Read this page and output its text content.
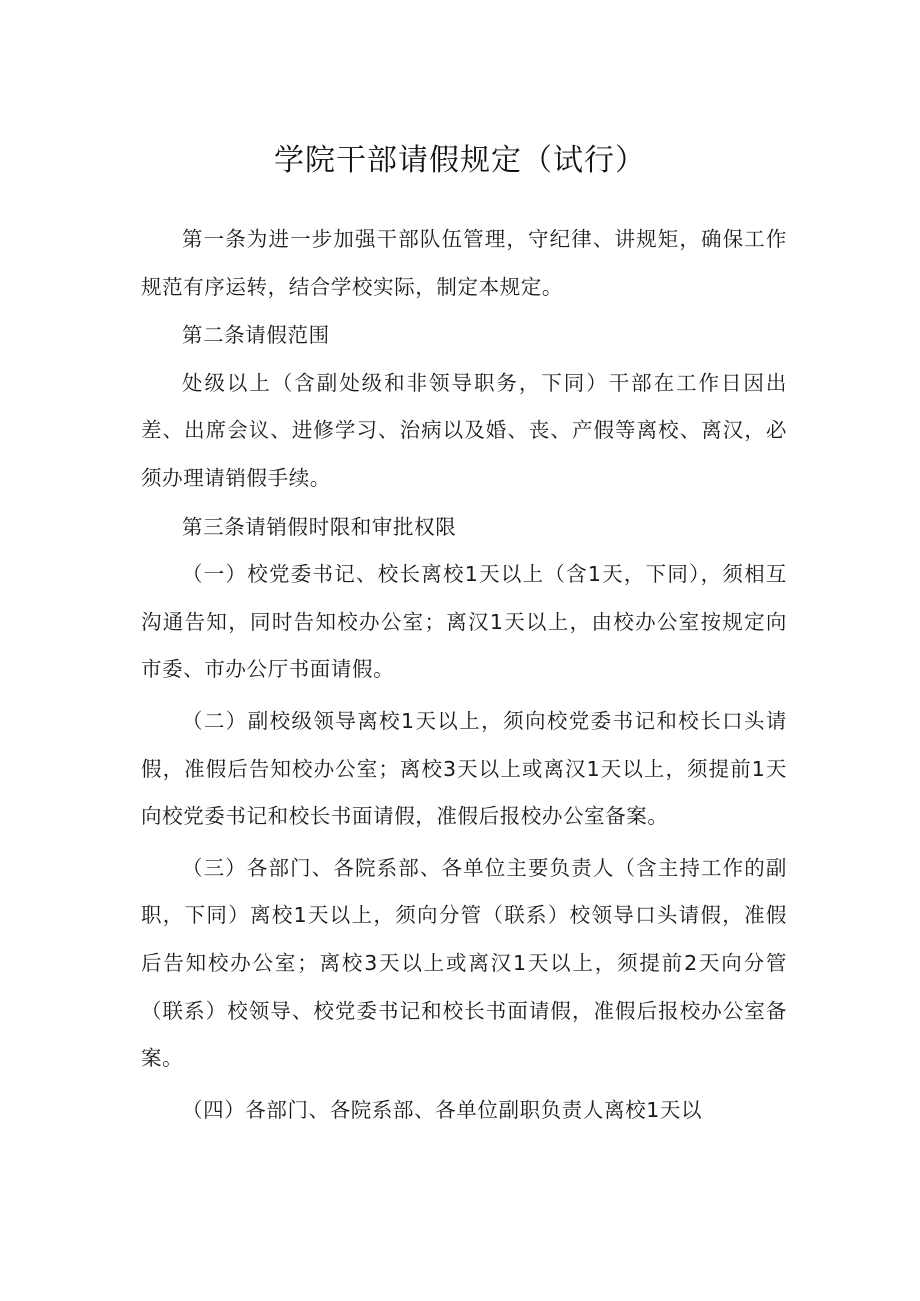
学院干部请假规定（试行）

第一条为进一步加强干部队伍管理，守纪律、讲规矩，确保工作规范有序运转，结合学校实际，制定本规定。

第二条请假范围

处级以上（含副处级和非领导职务，下同）干部在工作日因出差、出席会议、进修学习、治病以及婚、丧、产假等离校、离汉，必须办理请销假手续。

第三条请销假时限和审批权限

（一）校党委书记、校长离校1天以上（含1天，下同），须相互沟通告知，同时告知校办公室；离汉1天以上，由校办公室按规定向市委、市办公厅书面请假。

（二）副校级领导离校1天以上，须向校党委书记和校长口头请假，准假后告知校办公室；离校3天以上或离汉1天以上，须提前1天向校党委书记和校长书面请假，准假后报校办公室备案。

（三）各部门、各院系部、各单位主要负责人（含主持工作的副职，下同）离校1天以上，须向分管（联系）校领导口头请假，准假后告知校办公室；离校3天以上或离汉1天以上，须提前2天向分管（联系）校领导、校党委书记和校长书面请假，准假后报校办公室备案。

（四）各部门、各院系部、各单位副职负责人离校1天以
